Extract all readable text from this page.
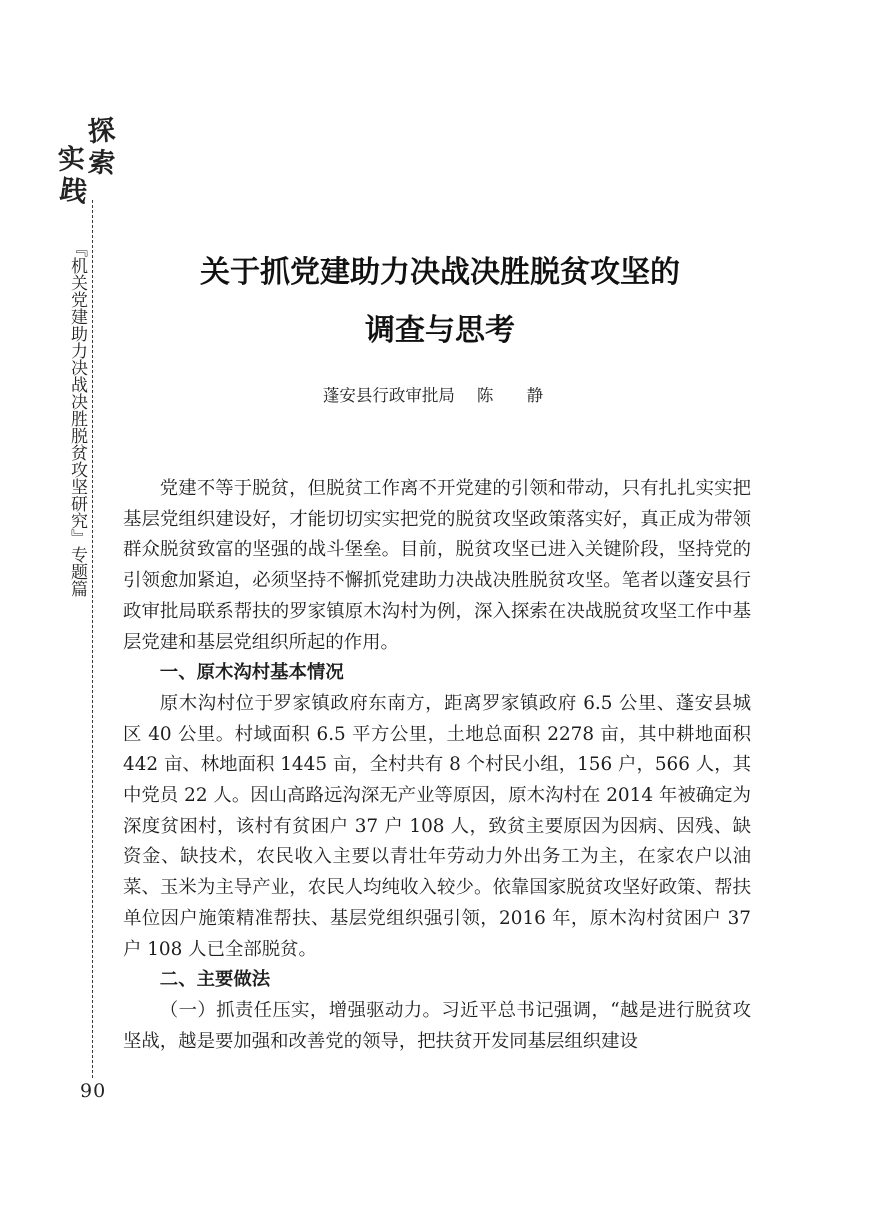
探
索
实
践
『机关党建助力决战决胜脱贫攻坚研究』专题篇
90
关于抓党建助力决战决胜脱贫攻坚的
调查与思考
蓬安县行政审批局 陈 静

党建不等于脱贫，但脱贫工作离不开党建的引领和带动，只有扎扎实实把基层党组织建设好，才能切切实实把党的脱贫攻坚政策落实好，真正成为带领群众脱贫致富的坚强的战斗堡垒。目前，脱贫攻坚已进入关键阶段，坚持党的引领愈加紧迫，必须坚持不懈抓党建助力决战决胜脱贫攻坚。笔者以蓬安县行政审批局联系帮扶的罗家镇原木沟村为例，深入探索在决战脱贫攻坚工作中基层党建和基层党组织所起的作用。

一、原木沟村基本情况

原木沟村位于罗家镇政府东南方，距离罗家镇政府 6.5 公里、蓬安县城区 40 公里。村域面积 6.5 平方公里，土地总面积 2278 亩，其中耕地面积 442 亩、林地面积 1445 亩，全村共有 8 个村民小组，156 户，566 人，其中党员 22 人。因山高路远沟深无产业等原因，原木沟村在 2014 年被确定为深度贫困村，该村有贫困户 37 户 108 人，致贫主要原因为因病、因残、缺资金、缺技术，农民收入主要以青壮年劳动力外出务工为主，在家农户以油菜、玉米为主导产业，农民人均纯收入较少。依靠国家脱贫攻坚好政策、帮扶单位因户施策精准帮扶、基层党组织强引领，2016 年，原木沟村贫困户 37 户 108 人已全部脱贫。

二、主要做法

（一）抓责任压实，增强驱动力。习近平总书记强调，“越是进行脱贫攻坚战，越是要加强和改善党的领导，把扶贫开发同基层组织建设
